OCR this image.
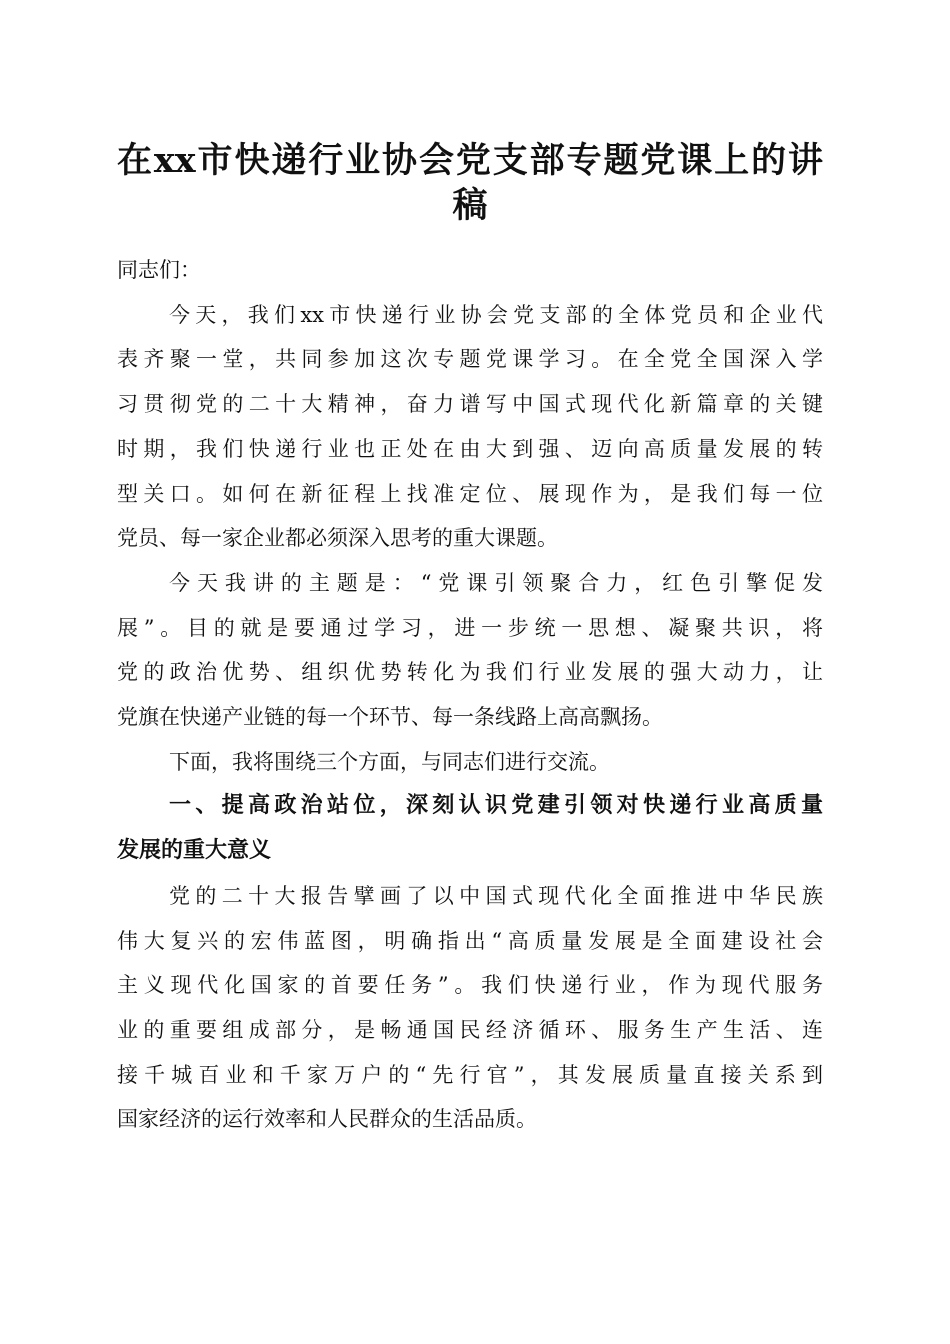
在xx市快递行业协会党支部专题党课上的讲
稿
同志们：
今天，我们xx市快递行业协会党支部的全体党员和企业代
表齐聚一堂，共同参加这次专题党课学习。在全党全国深入学
习贯彻党的二十大精神，奋力谱写中国式现代化新篇章的关键
时期，我们快递行业也正处在由大到强、迈向高质量发展的转
型关口。如何在新征程上找准定位、展现作为，是我们每一位
党员、每一家企业都必须深入思考的重大课题。
今天我讲的主题是：“党课引领聚合力，红色引擎促发
展”。目的就是要通过学习，进一步统一思想、凝聚共识，将
党的政治优势、组织优势转化为我们行业发展的强大动力，让
党旗在快递产业链的每一个环节、每一条线路上高高飘扬。
下面，我将围绕三个方面，与同志们进行交流。
一、提高政治站位，深刻认识党建引领对快递行业高质量
发展的重大意义
党的二十大报告擘画了以中国式现代化全面推进中华民族
伟大复兴的宏伟蓝图，明确指出“高质量发展是全面建设社会
主义现代化国家的首要任务”。我们快递行业，作为现代服务
业的重要组成部分，是畅通国民经济循环、服务生产生活、连
接千城百业和千家万户的“先行官”，其发展质量直接关系到
国家经济的运行效率和人民群众的生活品质。
